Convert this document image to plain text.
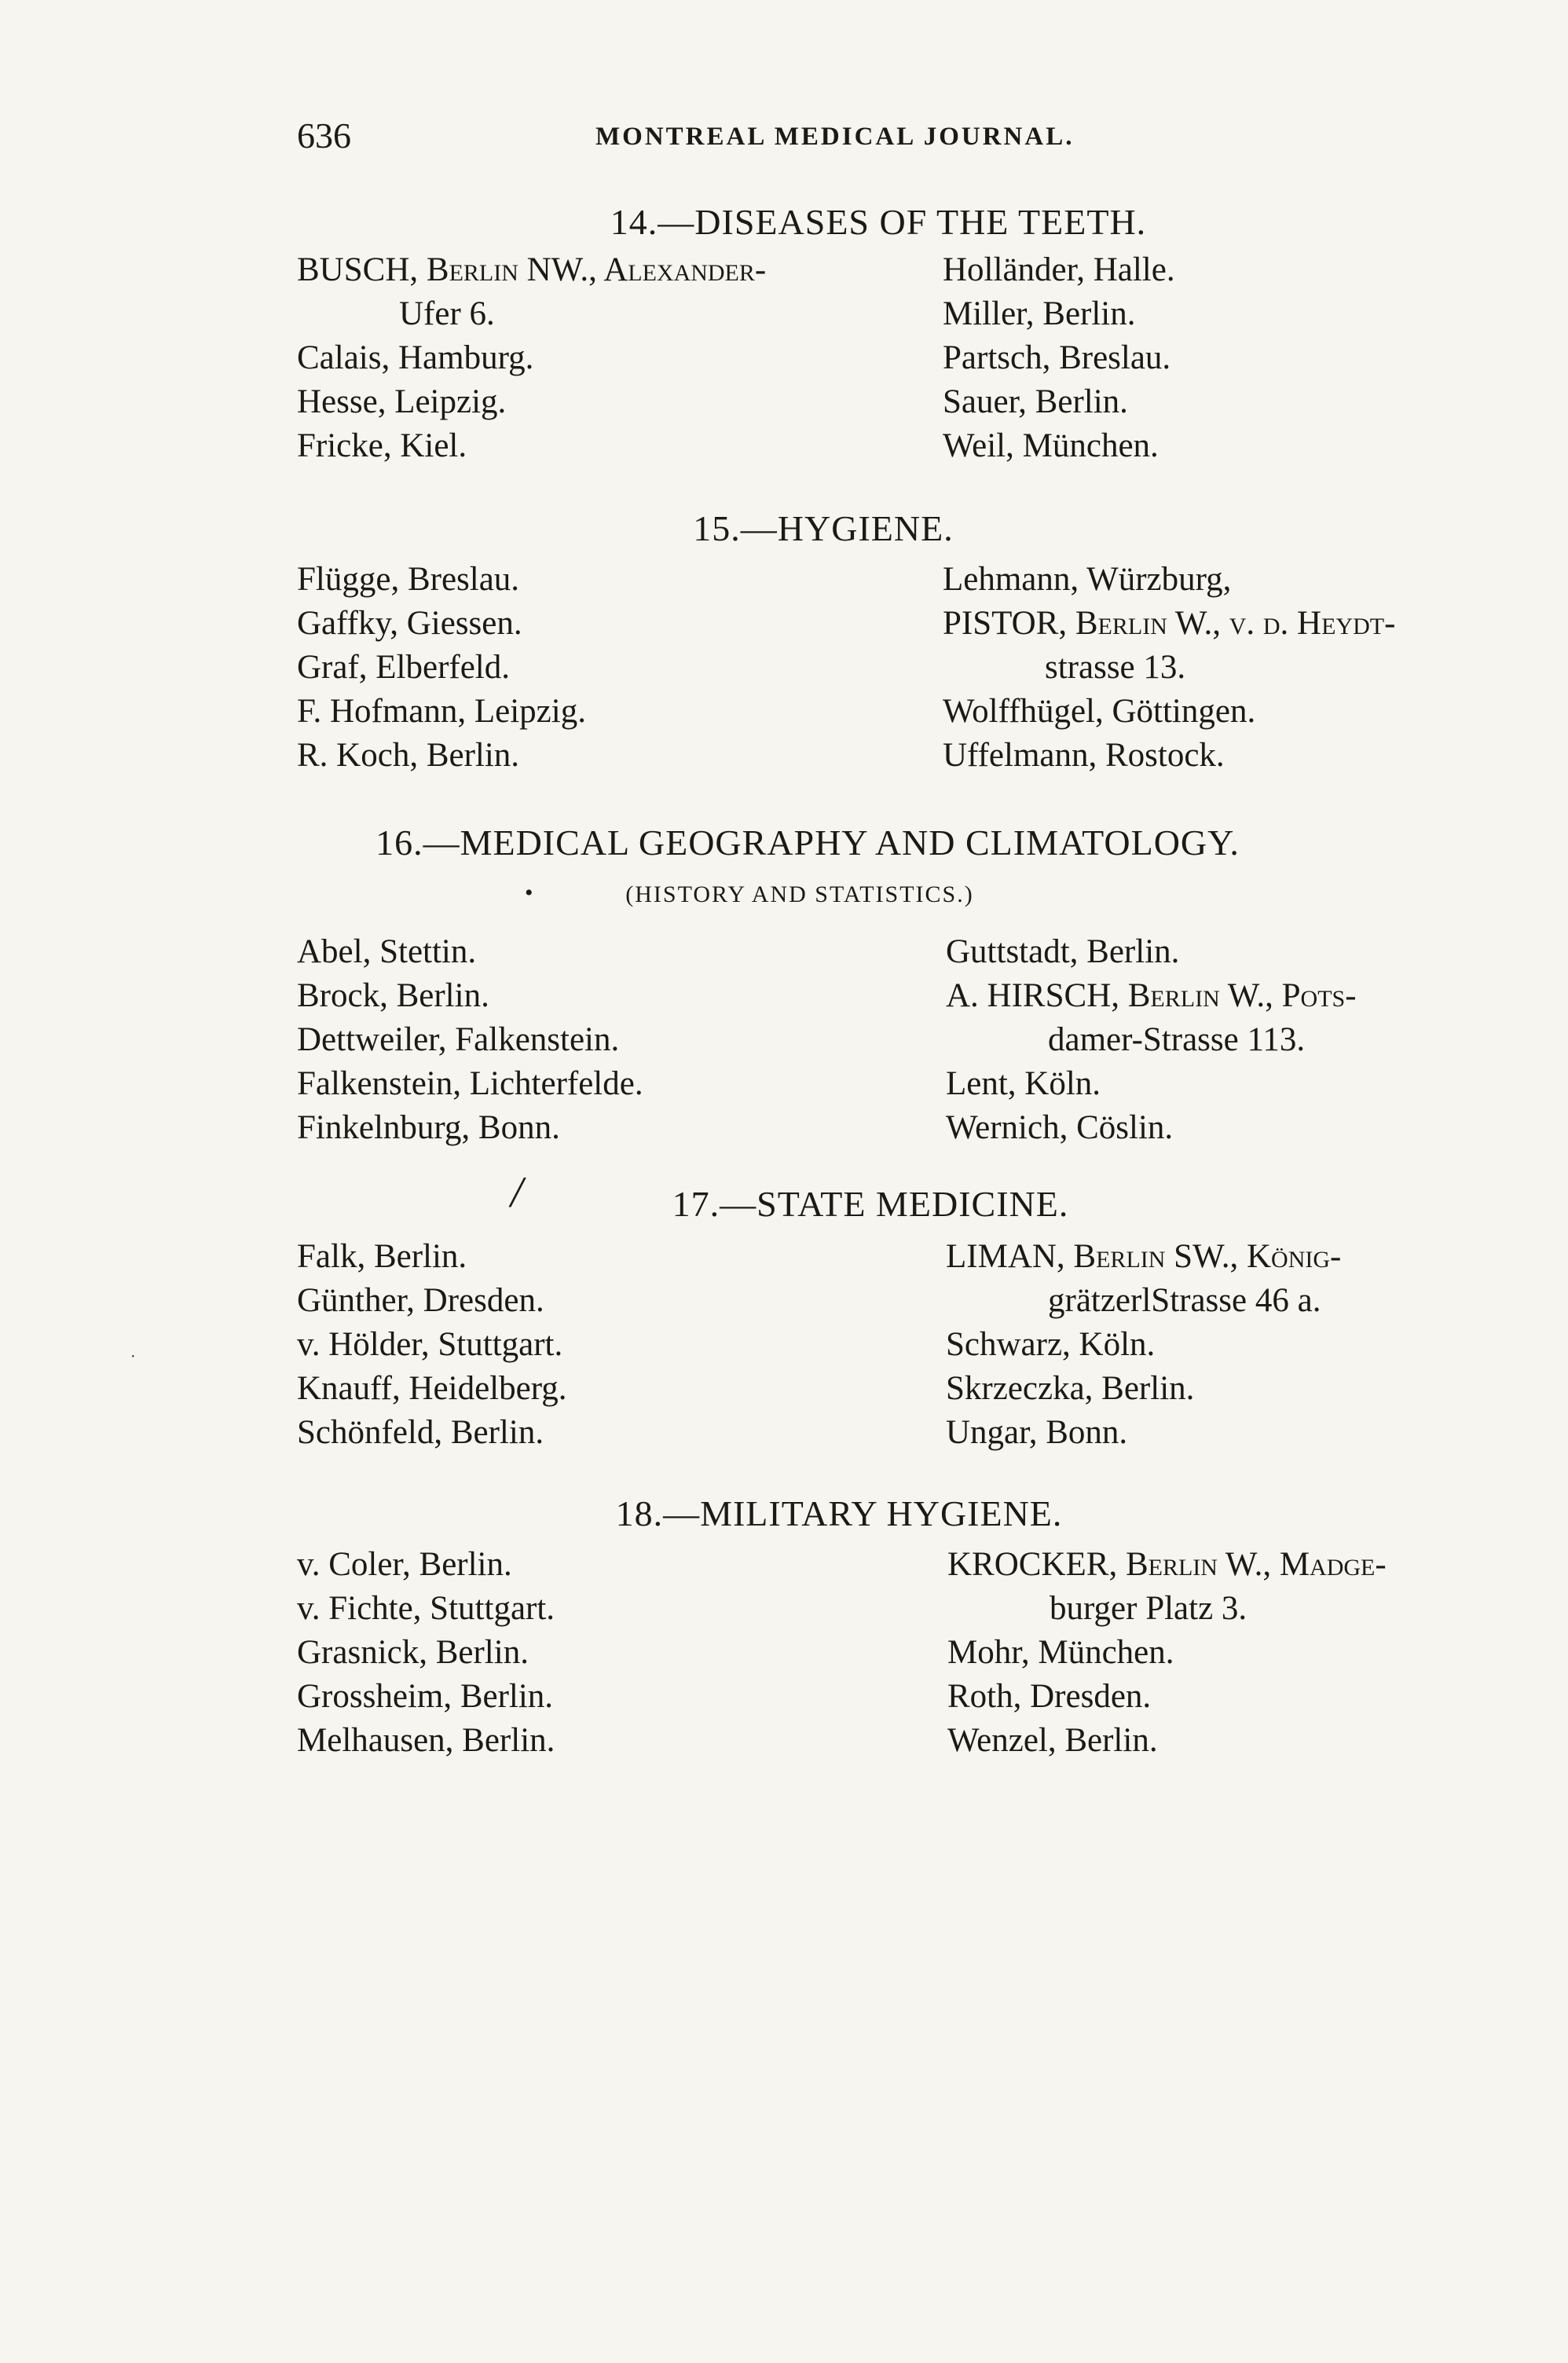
636	MONTREAL MEDICAL JOURNAL.
14.—DISEASES OF THE TEETH.
BUSCH, Berlin NW., Alexander-
Ufer 6.
Calais, Hamburg.
Hesse, Leipzig.
Fricke, Kiel.
Holländer, Halle.
Miller, Berlin.
Partsch, Breslau.
Sauer, Berlin.
Weil, München.
15.—HYGIENE.
Flügge, Breslau.
Gaffky, Giessen.
Graf, Elberfeld.
F. Hofmann, Leipzig.
R. Koch, Berlin.
Lehmann, Würzburg,
PISTOR, Berlin W., v. d. Heydt-
strasse 13.
Wolffhügel, Göttingen.
Uffelmann, Rostock.
16.—MEDICAL GEOGRAPHY AND CLIMATOLOGY.
(HISTORY AND STATISTICS.)
Abel, Stettin.
Brock, Berlin.
Dettweiler, Falkenstein.
Falkenstein, Lichterfelde.
Finkelnburg, Bonn.
Guttstadt, Berlin.
A. HIRSCH, Berlin W., Pots-
damer-Strasse 113.
Lent, Köln.
Wernich, Cöslin.
17.—STATE MEDICINE.
Falk, Berlin.
Günther, Dresden.
v. Hölder, Stuttgart.
Knauff, Heidelberg.
Schönfeld, Berlin.
LIMAN, Berlin SW., König-
grätzerlStrasse 46 a.
Schwarz, Köln.
Skrzeczka, Berlin.
Ungar, Bonn.
18.—MILITARY HYGIENE.
v. Coler, Berlin.
v. Fichte, Stuttgart.
Grasnick, Berlin.
Grossheim, Berlin.
Melhausen, Berlin.
KROCKER, Berlin W., Madge-
burger Platz 3.
Mohr, München.
Roth, Dresden.
Wenzel, Berlin.
•
/
·
